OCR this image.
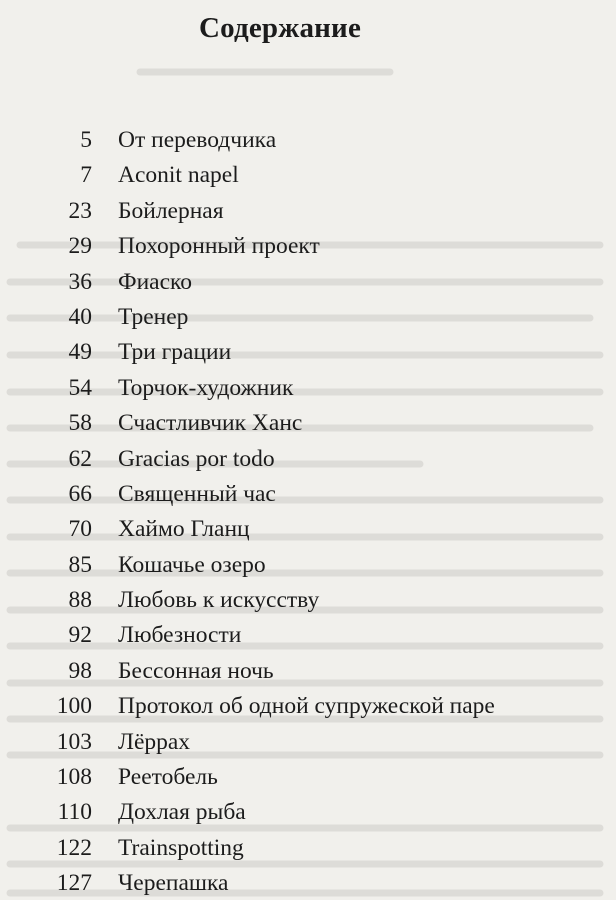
Содержание
5 От переводчика
7 Aconit napel
23 Бойлерная
29 Похоронный проект
36 Фиаско
40 Тренер
49 Три грации
54 Торчок-художник
58 Счастливчик Ханс
62 Gracias por todo
66 Священный час
70 Хаймо Гланц
85 Кошачье озеро
88 Любовь к искусству
92 Любезности
98 Бессонная ночь
100 Протокол об одной супружеской паре
103 Лёррах
108 Реетобель
110 Дохлая рыба
122 Trainspotting
127 Черепашка
